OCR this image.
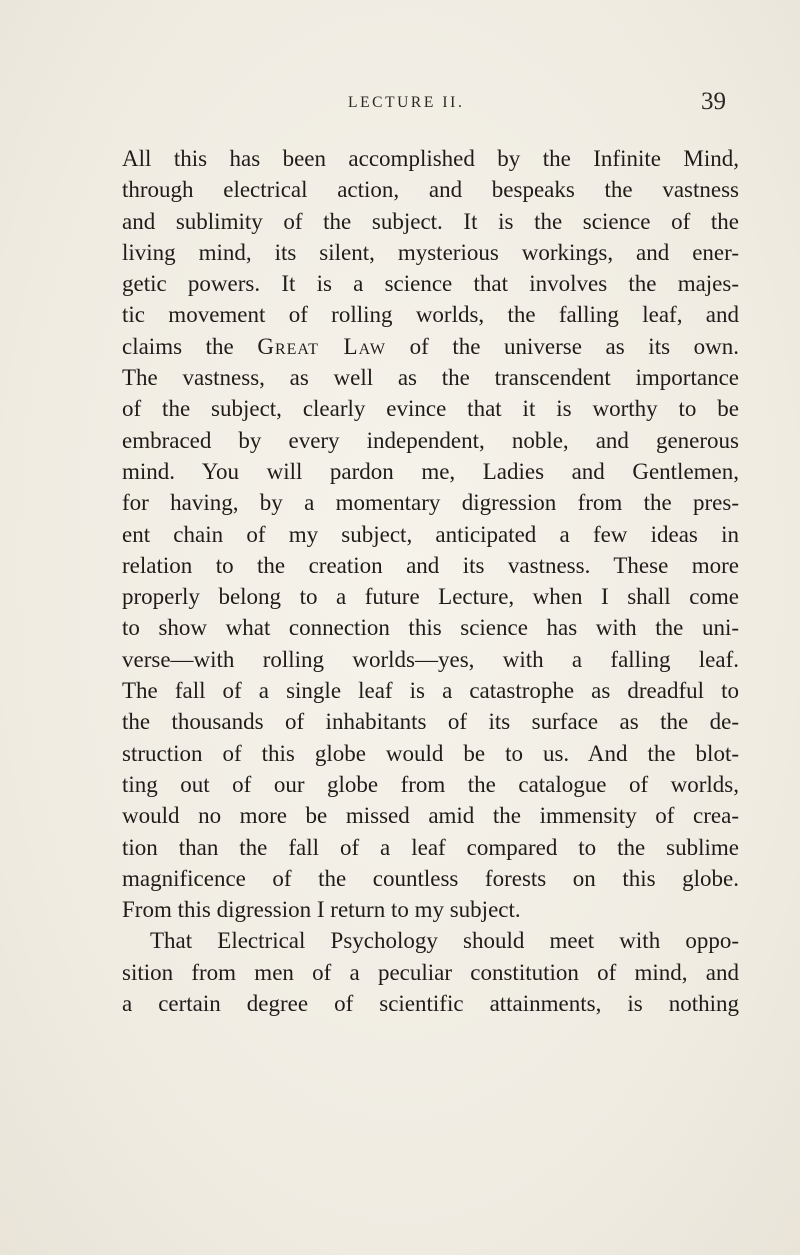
LECTURE II.	39
All this has been accomplished by the Infinite Mind,
through electrical action, and bespeaks the vastness
and sublimity of the subject. It is the science of the
living mind, its silent, mysterious workings, and ener-
getic powers. It is a science that involves the majes-
tic movement of rolling worlds, the falling leaf, and
claims the Great Law of the universe as its own.
The vastness, as well as the transcendent importance
of the subject, clearly evince that it is worthy to be
embraced by every independent, noble, and generous
mind. You will pardon me, Ladies and Gentlemen,
for having, by a momentary digression from the pres-
ent chain of my subject, anticipated a few ideas in
relation to the creation and its vastness. These more
properly belong to a future Lecture, when I shall come
to show what connection this science has with the uni-
verse—with rolling worlds—yes, with a falling leaf.
The fall of a single leaf is a catastrophe as dreadful to
the thousands of inhabitants of its surface as the de-
struction of this globe would be to us. And the blot-
ting out of our globe from the catalogue of worlds,
would no more be missed amid the immensity of crea-
tion than the fall of a leaf compared to the sublime
magnificence of the countless forests on this globe.
From this digression I return to my subject.
That Electrical Psychology should meet with oppo-
sition from men of a peculiar constitution of mind, and
a certain degree of scientific attainments, is nothing
